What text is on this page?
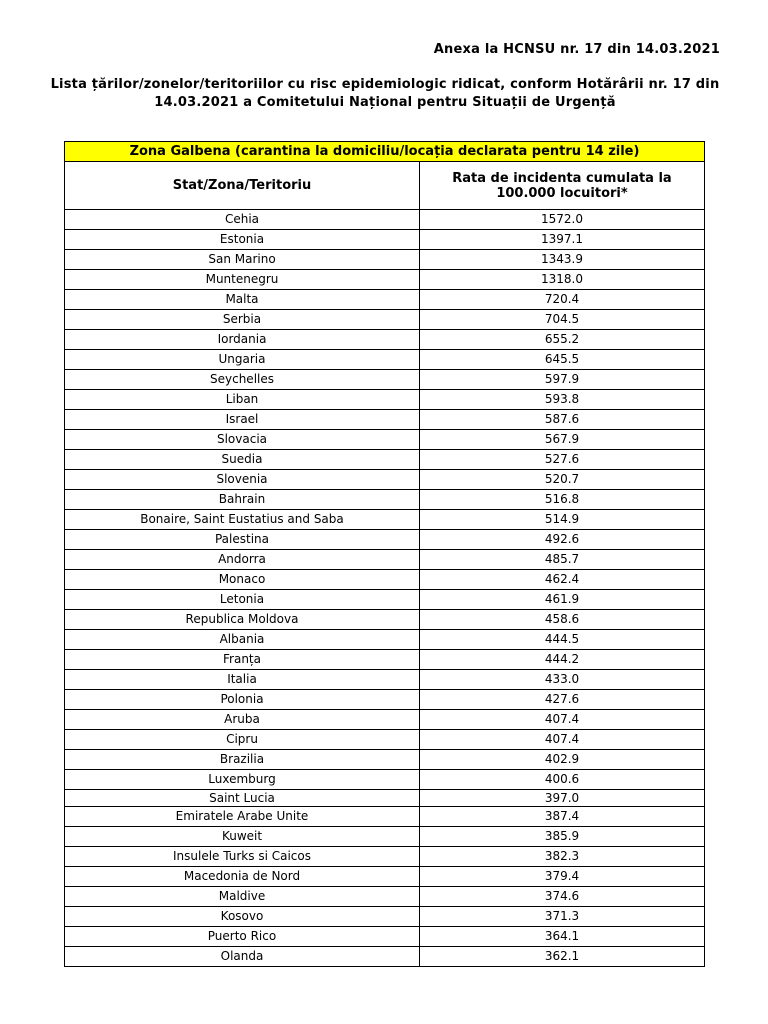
Anexa la HCNSU nr. 17 din 14.03.2021
Lista țărilor/zonelor/teritoriilor cu risc epidemiologic ridicat, conform Hotărârii nr. 17 din
14.03.2021 a Comitetului Național pentru Situații de Urgență
Zona Galbena (carantina la domiciliu/locația declarata pentru 14 zile)	
Stat/Zona/Teritoriu	Rata de incidenta cumulata la
100.000 locuitori*

Cehia	1572.0
Estonia	1397.1
San Marino	1343.9
Muntenegru	1318.0
Malta	720.4
Serbia	704.5
Iordania	655.2
Ungaria	645.5
Seychelles	597.9
Liban	593.8
Israel	587.6
Slovacia	567.9
Suedia	527.6
Slovenia	520.7
Bahrain	516.8
Bonaire, Saint Eustatius and Saba	514.9
Palestina	492.6
Andorra	485.7
Monaco	462.4
Letonia	461.9
Republica Moldova	458.6
Albania	444.5
Franța	444.2
Italia	433.0
Polonia	427.6
Aruba	407.4
Cipru	407.4
Brazilia	402.9
Luxemburg	400.6
Saint Lucia	397.0
Emiratele Arabe Unite	387.4
Kuweit	385.9
Insulele Turks si Caicos	382.3
Macedonia de Nord	379.4
Maldive	374.6
Kosovo	371.3
Puerto Rico	364.1
Olanda	362.1
